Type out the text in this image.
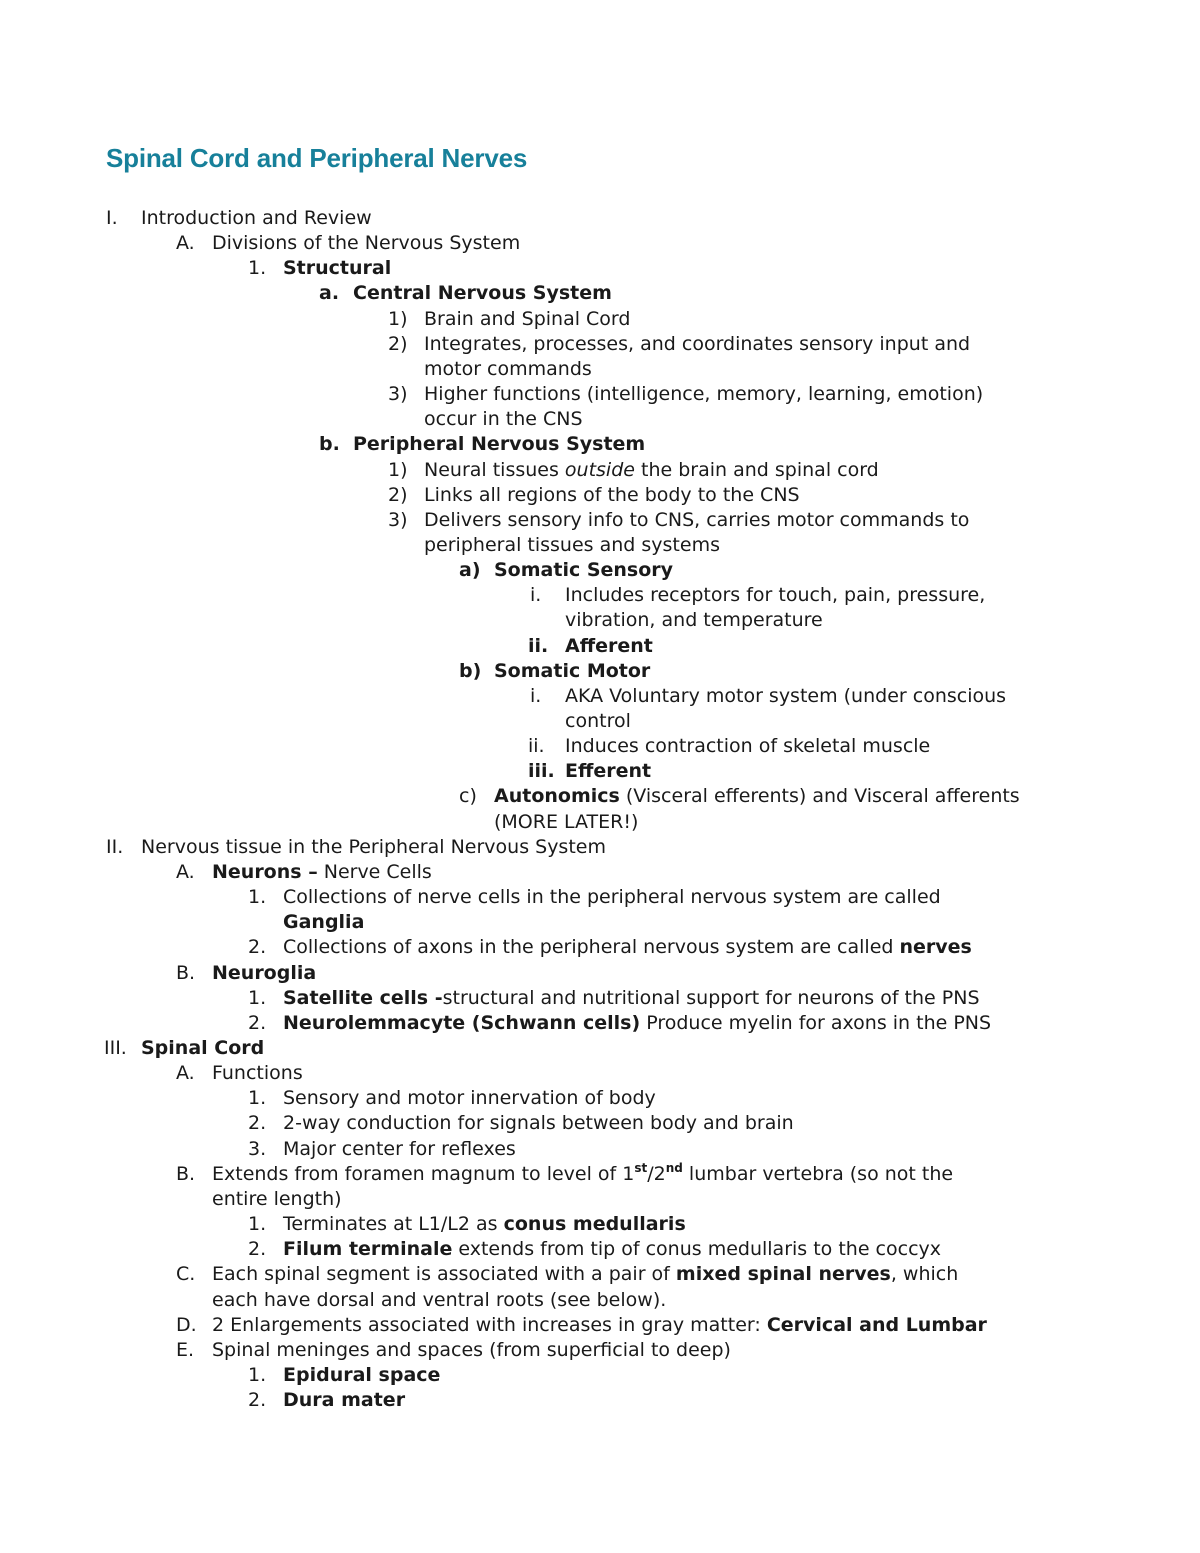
Spinal Cord and Peripheral Nerves
I. Introduction and Review
A. Divisions of the Nervous System
1. Structural
a. Central Nervous System
1) Brain and Spinal Cord
2) Integrates, processes, and coordinates sensory input and
motor commands
3) Higher functions (intelligence, memory, learning, emotion)
occur in the CNS
b. Peripheral Nervous System
1) Neural tissues outside the brain and spinal cord
2) Links all regions of the body to the CNS
3) Delivers sensory info to CNS, carries motor commands to
peripheral tissues and systems
a) Somatic Sensory
i. Includes receptors for touch, pain, pressure,
vibration, and temperature
ii. Afferent
b) Somatic Motor
i. AKA Voluntary motor system (under conscious
control
ii. Induces contraction of skeletal muscle
iii. Efferent
c) Autonomics (Visceral efferents) and Visceral afferents
(MORE LATER!)
II. Nervous tissue in the Peripheral Nervous System
A. Neurons – Nerve Cells
1. Collections of nerve cells in the peripheral nervous system are called
Ganglia
2. Collections of axons in the peripheral nervous system are called nerves
B. Neuroglia
1. Satellite cells -structural and nutritional support for neurons of the PNS
2. Neurolemmacyte (Schwann cells) Produce myelin for axons in the PNS
III. Spinal Cord
A. Functions
1. Sensory and motor innervation of body
2. 2-way conduction for signals between body and brain
3. Major center for reflexes
B. Extends from foramen magnum to level of 1st/2nd lumbar vertebra (so not the
entire length)
1. Terminates at L1/L2 as conus medullaris
2. Filum terminale extends from tip of conus medullaris to the coccyx
C. Each spinal segment is associated with a pair of mixed spinal nerves, which
each have dorsal and ventral roots (see below).
D. 2 Enlargements associated with increases in gray matter: Cervical and Lumbar
E. Spinal meninges and spaces (from superficial to deep)
1. Epidural space
2. Dura mater
